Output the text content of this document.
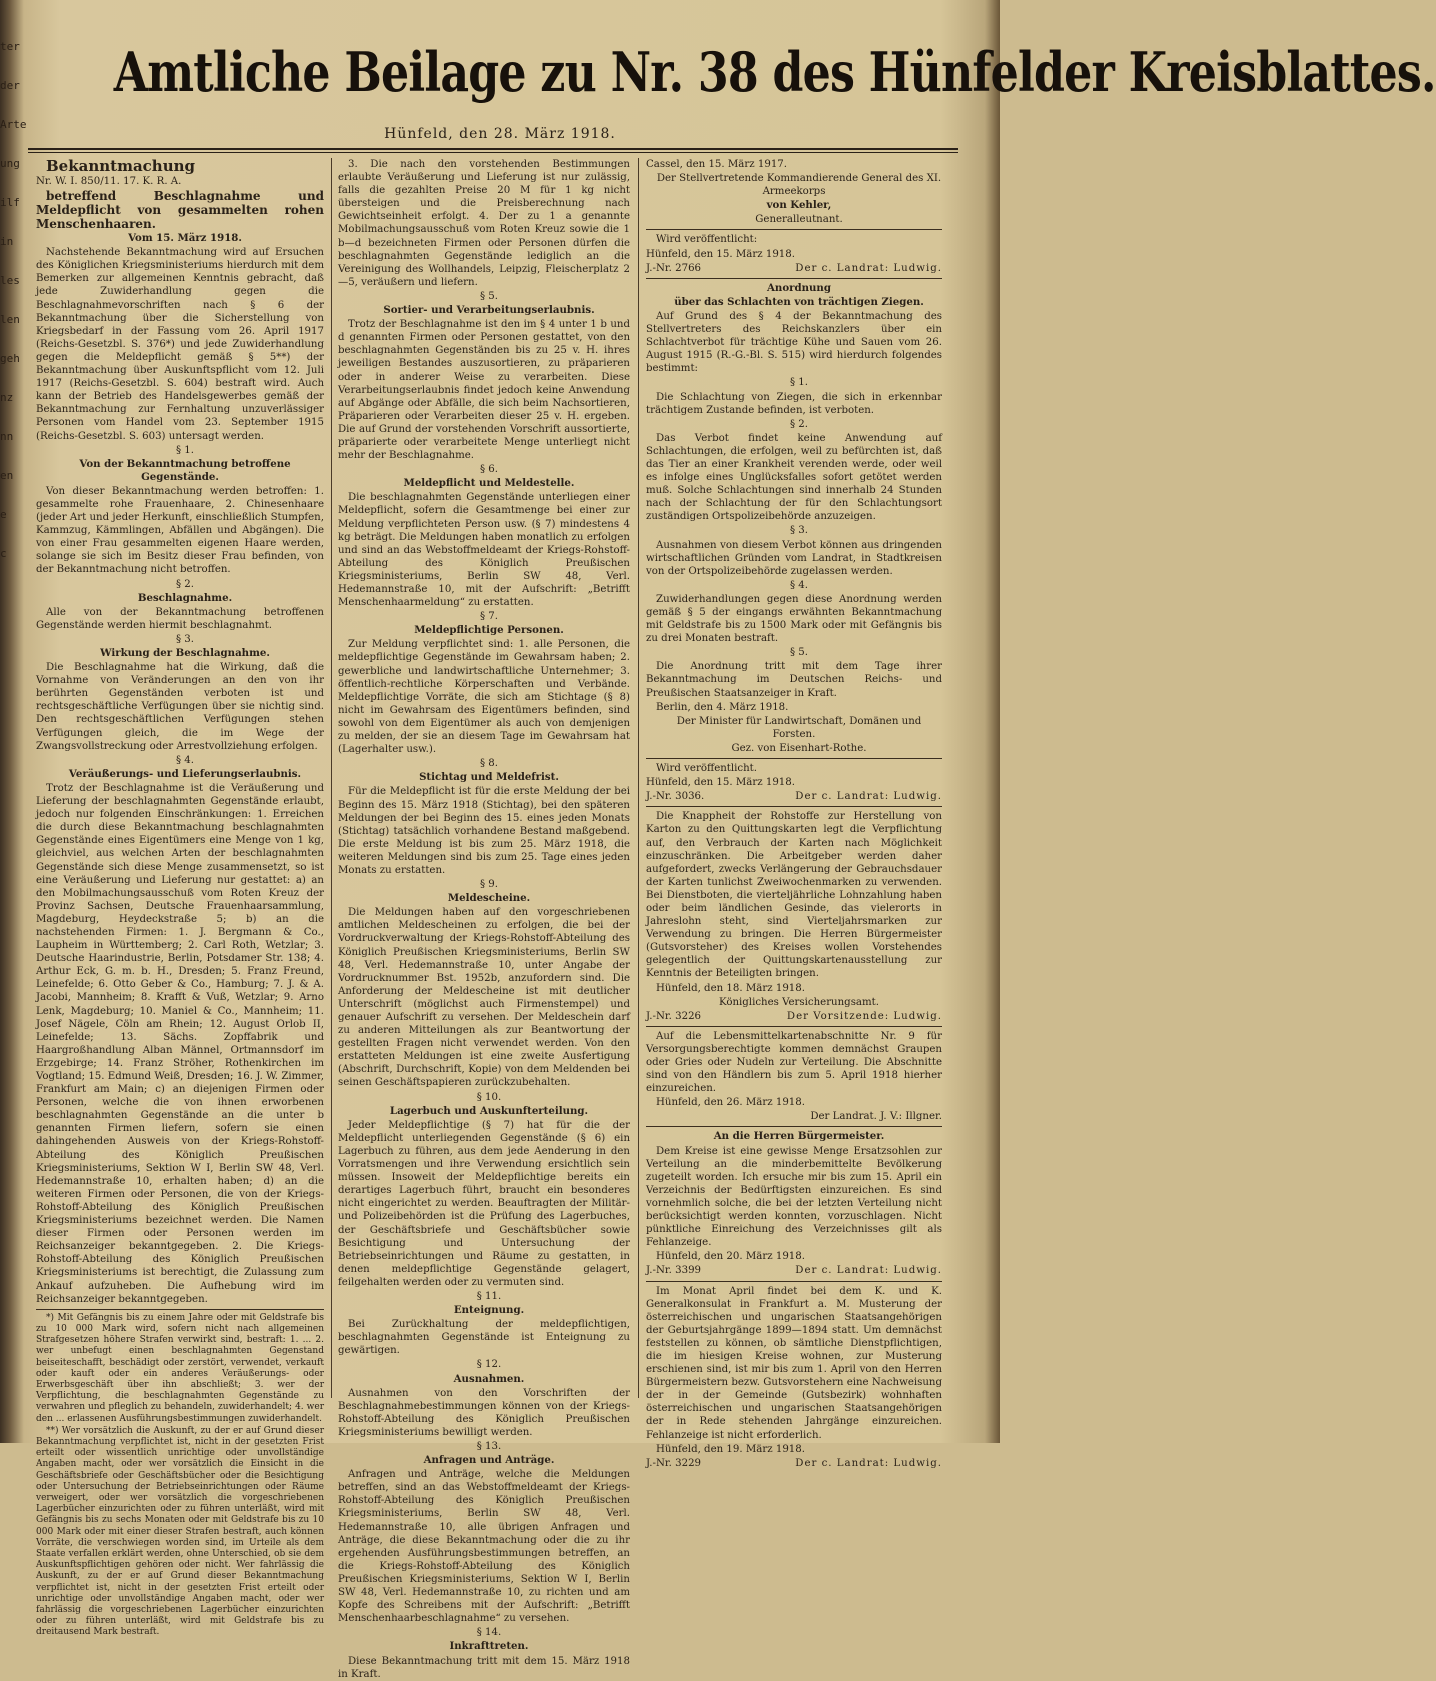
ter
der
Arte
ung
ilf
in
les
len
geh
nz
nn
en
e
c
Amtliche Beilage zu Nr. 38 des Hünfelder Kreisblattes.
Hünfeld, den 28. März 1918.

Bekanntmachung

Nr. W. I. 850/11. 17. K. R. A.

betreffend Beschlagnahme und Meldepflicht von gesammelten rohen Menschenhaaren.

Vom 15. März 1918.

Nachstehende Bekanntmachung wird auf Ersuchen des Königlichen Kriegsministeriums hierdurch mit dem Bemerken zur allgemeinen Kenntnis gebracht, daß jede Zuwiderhandlung gegen die Beschlagnahmevorschriften nach § 6 der Bekanntmachung über die Sicherstellung von Kriegsbedarf in der Fassung vom 26. April 1917 (Reichs-Gesetzbl. S. 376*) und jede Zuwiderhandlung gegen die Meldepflicht gemäß § 5**) der Bekanntmachung über Auskunftspflicht vom 12. Juli 1917 (Reichs-Gesetzbl. S. 604) bestraft wird. Auch kann der Betrieb des Handelsgewerbes gemäß der Bekanntmachung zur Fernhaltung unzuverlässiger Personen vom Handel vom 23. September 1915 (Reichs-Gesetzbl. S. 603) untersagt werden.

§ 1.

Von der Bekanntmachung betroffene Gegenstände.

Von dieser Bekanntmachung werden betroffen: 1. gesammelte rohe Frauenhaare, 2. Chinesenhaare (jeder Art und jeder Herkunft, einschließlich Stumpfen, Kammzug, Kämmlingen, Abfällen und Abgängen). Die von einer Frau gesammelten eigenen Haare werden, solange sie sich im Besitz dieser Frau befinden, von der Bekanntmachung nicht betroffen.

§ 2.

Beschlagnahme.

Alle von der Bekanntmachung betroffenen Gegenstände werden hiermit beschlagnahmt.

§ 3.

Wirkung der Beschlagnahme.

Die Beschlagnahme hat die Wirkung, daß die Vornahme von Veränderungen an den von ihr berührten Gegenständen verboten ist und rechtsgeschäftliche Verfügungen über sie nichtig sind. Den rechtsgeschäftlichen Verfügungen stehen Verfügungen gleich, die im Wege der Zwangsvollstreckung oder Arrestvollziehung erfolgen.

§ 4.

Veräußerungs- und Lieferungserlaubnis.

Trotz der Beschlagnahme ist die Veräußerung und Lieferung der beschlagnahmten Gegenstände erlaubt, jedoch nur folgenden Einschränkungen: 1. Erreichen die durch diese Bekanntmachung beschlagnahmten Gegenstände eines Eigentümers eine Menge von 1 kg, gleichviel, aus welchen Arten der beschlagnahmten Gegenstände sich diese Menge zusammensetzt, so ist eine Veräußerung und Lieferung nur gestattet: a) an den Mobilmachungsausschuß vom Roten Kreuz der Provinz Sachsen, Deutsche Frauenhaarsammlung, Magdeburg, Heydeckstraße 5; b) an die nachstehenden Firmen: 1. J. Bergmann & Co., Laupheim in Württemberg; 2. Carl Roth, Wetzlar; 3. Deutsche Haarindustrie, Berlin, Potsdamer Str. 138; 4. Arthur Eck, G. m. b. H., Dresden; 5. Franz Freund, Leinefelde; 6. Otto Geber & Co., Hamburg; 7. J. & A. Jacobi, Mannheim; 8. Krafft & Vuß, Wetzlar; 9. Arno Lenk, Magdeburg; 10. Maniel & Co., Mannheim; 11. Josef Nägele, Cöln am Rhein; 12. August Orlob II, Leinefelde; 13. Sächs. Zopffabrik und Haargroßhandlung Alban Männel, Ortmannsdorf im Erzgebirge; 14. Franz Ströher, Rothenkirchen im Vogtland; 15. Edmund Weiß, Dresden; 16. J. W. Zimmer, Frankfurt am Main; c) an diejenigen Firmen oder Personen, welche die von ihnen erworbenen beschlagnahmten Gegenstände an die unter b genannten Firmen liefern, sofern sie einen dahingehenden Ausweis von der Kriegs-Rohstoff-Abteilung des Königlich Preußischen Kriegsministeriums, Sektion W I, Berlin SW 48, Verl. Hedemannstraße 10, erhalten haben; d) an die weiteren Firmen oder Personen, die von der Kriegs-Rohstoff-Abteilung des Königlich Preußischen Kriegsministeriums bezeichnet werden. Die Namen dieser Firmen oder Personen werden im Reichsanzeiger bekanntgegeben. 2. Die Kriegs-Rohstoff-Abteilung des Königlich Preußischen Kriegsministeriums ist berechtigt, die Zulassung zum Ankauf aufzuheben. Die Aufhebung wird im Reichsanzeiger bekanntgegeben.

*) Mit Gefängnis bis zu einem Jahre oder mit Geldstrafe bis zu 10 000 Mark wird, sofern nicht nach allgemeinen Strafgesetzen höhere Strafen verwirkt sind, bestraft: 1. ... 2. wer unbefugt einen beschlagnahmten Gegenstand beiseiteschafft, beschädigt oder zerstört, verwendet, verkauft oder kauft oder ein anderes Veräußerungs- oder Erwerbsgeschäft über ihn abschließt; 3. wer der Verpflichtung, die beschlagnahmten Gegenstände zu verwahren und pfleglich zu behandeln, zuwiderhandelt; 4. wer den ... erlassenen Ausführungsbestimmungen zuwiderhandelt.

**) Wer vorsätzlich die Auskunft, zu der er auf Grund dieser Bekanntmachung verpflichtet ist, nicht in der gesetzten Frist erteilt oder wissentlich unrichtige oder unvollständige Angaben macht, oder wer vorsätzlich die Einsicht in die Geschäftsbriefe oder Geschäftsbücher oder die Besichtigung oder Untersuchung der Betriebseinrichtungen oder Räume verweigert, oder wer vorsätzlich die vorgeschriebenen Lagerbücher einzurichten oder zu führen unterläßt, wird mit Gefängnis bis zu sechs Monaten oder mit Geldstrafe bis zu 10 000 Mark oder mit einer dieser Strafen bestraft, auch können Vorräte, die verschwiegen worden sind, im Urteile als dem Staate verfallen erklärt werden, ohne Unterschied, ob sie dem Auskunftspflichtigen gehören oder nicht. Wer fahrlässig die Auskunft, zu der er auf Grund dieser Bekanntmachung verpflichtet ist, nicht in der gesetzten Frist erteilt oder unrichtige oder unvollständige Angaben macht, oder wer fahrlässig die vorgeschriebenen Lagerbücher einzurichten oder zu führen unterläßt, wird mit Geldstrafe bis zu dreitausend Mark bestraft.

3. Die nach den vorstehenden Bestimmungen erlaubte Veräußerung und Lieferung ist nur zulässig, falls die gezahlten Preise 20 M für 1 kg nicht übersteigen und die Preisberechnung nach Gewichtseinheit erfolgt. 4. Der zu 1 a genannte Mobilmachungsausschuß vom Roten Kreuz sowie die 1 b—d bezeichneten Firmen oder Personen dürfen die beschlagnahmten Gegenstände lediglich an die Vereinigung des Wollhandels, Leipzig, Fleischerplatz 2—5, veräußern und liefern.

§ 5.

Sortier- und Verarbeitungserlaubnis.

Trotz der Beschlagnahme ist den im § 4 unter 1 b und d genannten Firmen oder Personen gestattet, von den beschlagnahmten Gegenständen bis zu 25 v. H. ihres jeweiligen Bestandes auszusortieren, zu präparieren oder in anderer Weise zu verarbeiten. Diese Verarbeitungserlaubnis findet jedoch keine Anwendung auf Abgänge oder Abfälle, die sich beim Nachsortieren, Präparieren oder Verarbeiten dieser 25 v. H. ergeben. Die auf Grund der vorstehenden Vorschrift aussortierte, präparierte oder verarbeitete Menge unterliegt nicht mehr der Beschlagnahme.

§ 6.

Meldepflicht und Meldestelle.

Die beschlagnahmten Gegenstände unterliegen einer Meldepflicht, sofern die Gesamtmenge bei einer zur Meldung verpflichteten Person usw. (§ 7) mindestens 4 kg beträgt. Die Meldungen haben monatlich zu erfolgen und sind an das Webstoffmeldeamt der Kriegs-Rohstoff-Abteilung des Königlich Preußischen Kriegsministeriums, Berlin SW 48, Verl. Hedemannstraße 10, mit der Aufschrift: „Betrifft Menschenhaarmeldung“ zu erstatten.

§ 7.

Meldepflichtige Personen.

Zur Meldung verpflichtet sind: 1. alle Personen, die meldepflichtige Gegenstände im Gewahrsam haben; 2. gewerbliche und landwirtschaftliche Unternehmer; 3. öffentlich-rechtliche Körperschaften und Verbände. Meldepflichtige Vorräte, die sich am Stichtage (§ 8) nicht im Gewahrsam des Eigentümers befinden, sind sowohl von dem Eigentümer als auch von demjenigen zu melden, der sie an diesem Tage im Gewahrsam hat (Lagerhalter usw.).

§ 8.

Stichtag und Meldefrist.

Für die Meldepflicht ist für die erste Meldung der bei Beginn des 15. März 1918 (Stichtag), bei den späteren Meldungen der bei Beginn des 15. eines jeden Monats (Stichtag) tatsächlich vorhandene Bestand maßgebend. Die erste Meldung ist bis zum 25. März 1918, die weiteren Meldungen sind bis zum 25. Tage eines jeden Monats zu erstatten.

§ 9.

Meldescheine.

Die Meldungen haben auf den vorgeschriebenen amtlichen Meldescheinen zu erfolgen, die bei der Vordruckverwaltung der Kriegs-Rohstoff-Abteilung des Königlich Preußischen Kriegsministeriums, Berlin SW 48, Verl. Hedemannstraße 10, unter Angabe der Vordrucknummer Bst. 1952b, anzufordern sind. Die Anforderung der Meldescheine ist mit deutlicher Unterschrift (möglichst auch Firmenstempel) und genauer Aufschrift zu versehen. Der Meldeschein darf zu anderen Mitteilungen als zur Beantwortung der gestellten Fragen nicht verwendet werden. Von den erstatteten Meldungen ist eine zweite Ausfertigung (Abschrift, Durchschrift, Kopie) von dem Meldenden bei seinen Geschäftspapieren zurückzubehalten.

§ 10.

Lagerbuch und Auskunfterteilung.

Jeder Meldepflichtige (§ 7) hat für die der Meldepflicht unterliegenden Gegenstände (§ 6) ein Lagerbuch zu führen, aus dem jede Aenderung in den Vorratsmengen und ihre Verwendung ersichtlich sein müssen. Insoweit der Meldepflichtige bereits ein derartiges Lagerbuch führt, braucht ein besonderes nicht eingerichtet zu werden. Beauftragten der Militär- und Polizeibehörden ist die Prüfung des Lagerbuches, der Geschäftsbriefe und Geschäftsbücher sowie Besichtigung und Untersuchung der Betriebseinrichtungen und Räume zu gestatten, in denen meldepflichtige Gegenstände gelagert, feilgehalten werden oder zu vermuten sind.

§ 11.

Enteignung.

Bei Zurückhaltung der meldepflichtigen, beschlagnahmten Gegenstände ist Enteignung zu gewärtigen.

§ 12.

Ausnahmen.

Ausnahmen von den Vorschriften der Beschlagnahmebestimmungen können von der Kriegs-Rohstoff-Abteilung des Königlich Preußischen Kriegsministeriums bewilligt werden.

§ 13.

Anfragen und Anträge.

Anfragen und Anträge, welche die Meldungen betreffen, sind an das Webstoffmeldeamt der Kriegs-Rohstoff-Abteilung des Königlich Preußischen Kriegsministeriums, Berlin SW 48, Verl. Hedemannstraße 10, alle übrigen Anfragen und Anträge, die diese Bekanntmachung oder die zu ihr ergehenden Ausführungsbestimmungen betreffen, an die Kriegs-Rohstoff-Abteilung des Königlich Preußischen Kriegsministeriums, Sektion W I, Berlin SW 48, Verl. Hedemannstraße 10, zu richten und am Kopfe des Schreibens mit der Aufschrift: „Betrifft Menschenhaarbeschlagnahme“ zu versehen.

§ 14.

Inkrafttreten.

Diese Bekanntmachung tritt mit dem 15. März 1918 in Kraft.

Cassel, den 15. März 1917.

Der Stellvertretende Kommandierende General des XI. Armeekorps

von Kehler,

Generalleutnant.

Wird veröffentlicht:

Hünfeld, den 15. März 1918.

J.-Nr. 2766	Der c. Landrat: Ludwig.

Anordnung

über das Schlachten von trächtigen Ziegen.

Auf Grund des § 4 der Bekanntmachung des Stellvertreters des Reichskanzlers über ein Schlachtverbot für trächtige Kühe und Sauen vom 26. August 1915 (R.-G.-Bl. S. 515) wird hierdurch folgendes bestimmt:

§ 1.

Die Schlachtung von Ziegen, die sich in erkennbar trächtigem Zustande befinden, ist verboten.

§ 2.

Das Verbot findet keine Anwendung auf Schlachtungen, die erfolgen, weil zu befürchten ist, daß das Tier an einer Krankheit verenden werde, oder weil es infolge eines Unglücksfalles sofort getötet werden muß. Solche Schlachtungen sind innerhalb 24 Stunden nach der Schlachtung der für den Schlachtungsort zuständigen Ortspolizeibehörde anzuzeigen.

§ 3.

Ausnahmen von diesem Verbot können aus dringenden wirtschaftlichen Gründen vom Landrat, in Stadtkreisen von der Ortspolizeibehörde zugelassen werden.

§ 4.

Zuwiderhandlungen gegen diese Anordnung werden gemäß § 5 der eingangs erwähnten Bekanntmachung mit Geldstrafe bis zu 1500 Mark oder mit Gefängnis bis zu drei Monaten bestraft.

§ 5.

Die Anordnung tritt mit dem Tage ihrer Bekanntmachung im Deutschen Reichs- und Preußischen Staatsanzeiger in Kraft.

Berlin, den 4. März 1918.

Der Minister für Landwirtschaft, Domänen und Forsten.

Gez. von Eisenhart-Rothe.

Wird veröffentlicht.

Hünfeld, den 15. März 1918.

J.-Nr. 3036.	Der c. Landrat: Ludwig.

Die Knappheit der Rohstoffe zur Herstellung von Karton zu den Quittungskarten legt die Verpflichtung auf, den Verbrauch der Karten nach Möglichkeit einzuschränken. Die Arbeitgeber werden daher aufgefordert, zwecks Verlängerung der Gebrauchsdauer der Karten tunlichst Zweiwochenmarken zu verwenden. Bei Dienstboten, die vierteljährliche Lohnzahlung haben oder beim ländlichen Gesinde, das vielerorts in Jahreslohn steht, sind Vierteljahrsmarken zur Verwendung zu bringen. Die Herren Bürgermeister (Gutsvorsteher) des Kreises wollen Vorstehendes gelegentlich der Quittungskartenausstellung zur Kenntnis der Beteiligten bringen.

Hünfeld, den 18. März 1918.

Königliches Versicherungsamt.

J.-Nr. 3226	Der Vorsitzende: Ludwig.

Auf die Lebensmittelkartenabschnitte Nr. 9 für Versorgungsberechtigte kommen demnächst Graupen oder Gries oder Nudeln zur Verteilung. Die Abschnitte sind von den Händlern bis zum 5. April 1918 hierher einzureichen.

Hünfeld, den 26. März 1918.

Der Landrat. J. V.: Illgner.

An die Herren Bürgermeister.

Dem Kreise ist eine gewisse Menge Ersatzsohlen zur Verteilung an die minderbemittelte Bevölkerung zugeteilt worden. Ich ersuche mir bis zum 15. April ein Verzeichnis der Bedürftigsten einzureichen. Es sind vornehmlich solche, die bei der letzten Verteilung nicht berücksichtigt werden konnten, vorzuschlagen. Nicht pünktliche Einreichung des Verzeichnisses gilt als Fehlanzeige.

Hünfeld, den 20. März 1918.

J.-Nr. 3399	Der c. Landrat: Ludwig.

Im Monat April findet bei dem K. und K. Generalkonsulat in Frankfurt a. M. Musterung der österreichischen und ungarischen Staatsangehörigen der Geburtsjahrgänge 1899—1894 statt. Um demnächst feststellen zu können, ob sämtliche Dienstpflichtigen, die im hiesigen Kreise wohnen, zur Musterung erschienen sind, ist mir bis zum 1. April von den Herren Bürgermeistern bezw. Gutsvorstehern eine Nachweisung der in der Gemeinde (Gutsbezirk) wohnhaften österreichischen und ungarischen Staatsangehörigen der in Rede stehenden Jahrgänge einzureichen. Fehlanzeige ist nicht erforderlich.

Hünfeld, den 19. März 1918.

J.-Nr. 3229	Der c. Landrat: Ludwig.
